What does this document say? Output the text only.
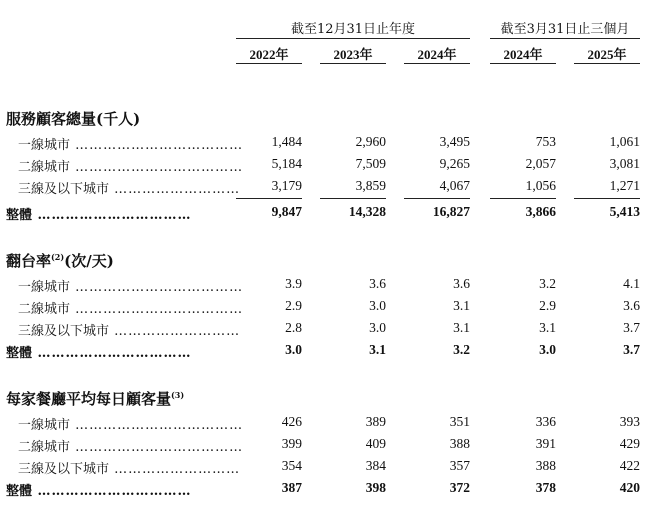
截至12月31日止年度	截至3月31日止三個月
2022年	2023年	2024年	2024年	2025年
服務顧客總量(千人)
一線城市 ………………………………	1,484	2,960	3,495	753	1,061
二線城市 ………………………………	5,184	7,509	9,265	2,057	3,081
三線及以下城市 ………………………	3,179	3,859	4,067	1,056	1,271
整體 ……………………………	9,847	14,328	16,827	3,866	5,413
翻台率$^{(2)}$(次/天)
一線城市 ………………………………	3.9	3.6	3.6	3.2	4.1
二線城市 ………………………………	2.9	3.0	3.1	2.9	3.6
三線及以下城市 ………………………	2.8	3.0	3.1	3.1	3.7
整體 ……………………………	3.0	3.1	3.2	3.0	3.7
每家餐廳平均每日顧客量$^{(3)}$
一線城市 ………………………………	426	389	351	336	393
二線城市 ………………………………	399	409	388	391	429
三線及以下城市 ………………………	354	384	357	388	422
整體 ……………………………	387	398	372	378	420
